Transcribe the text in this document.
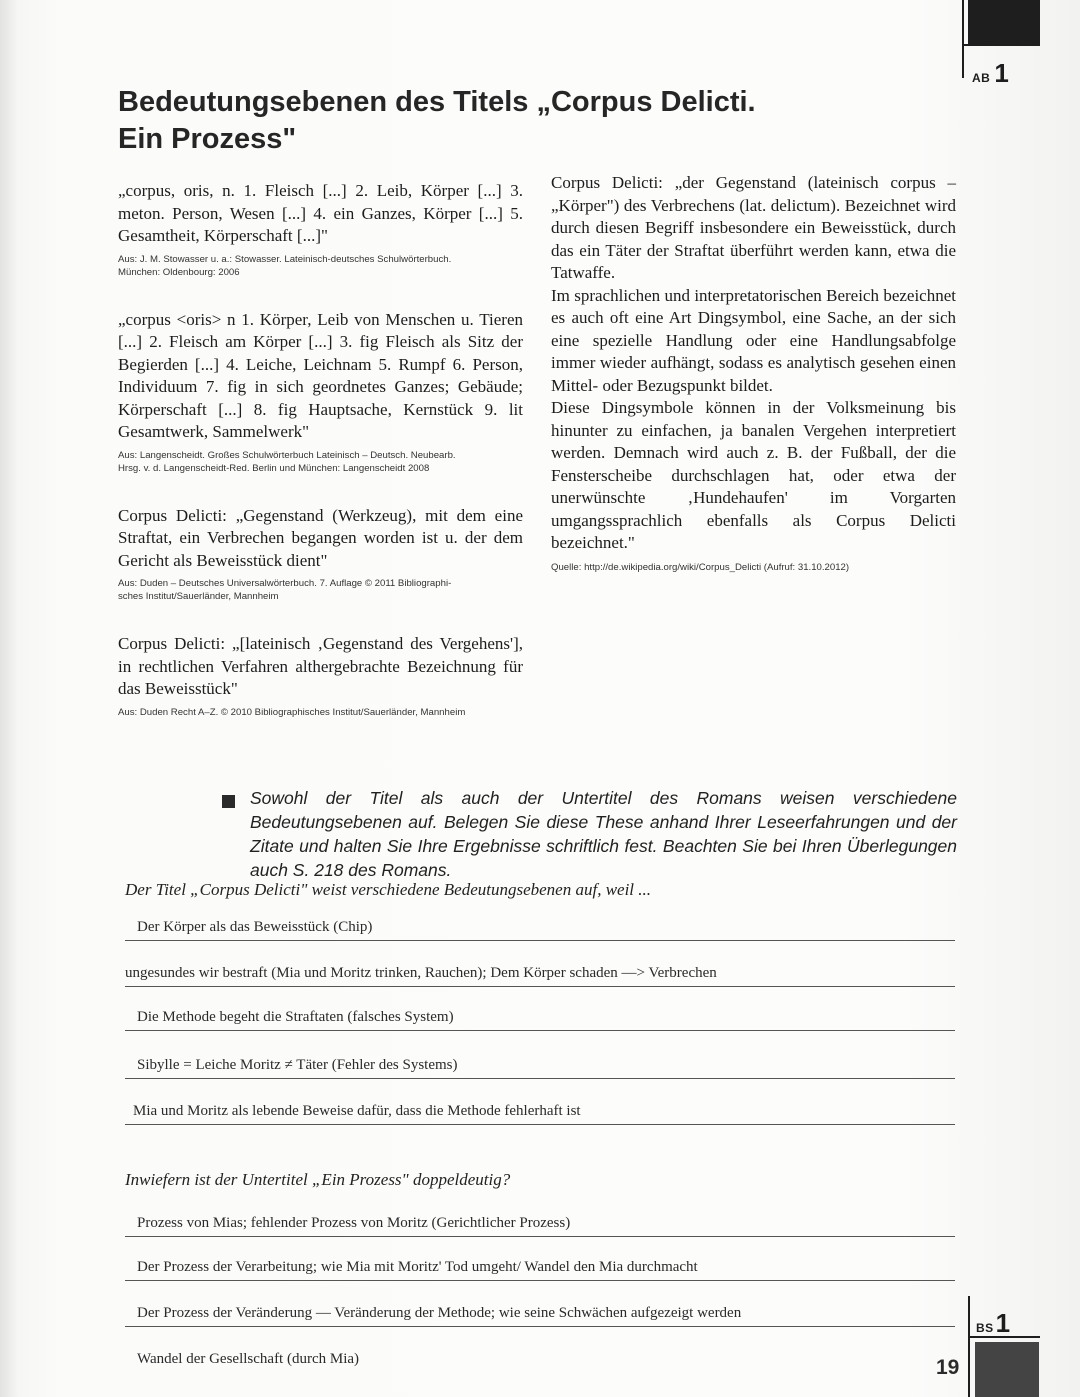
AB 1
BS1
19
Bedeutungsebenen des Titels „Corpus Delicti.
Ein Prozess"

„corpus, oris, n. 1. Fleisch [...] 2. Leib, Körper [...] 3. meton. Person, Wesen [...] 4. ein Ganzes, Körper [...] 5. Gesamtheit, Körperschaft [...]"

Aus: J. M. Stowasser u. a.: Stowasser. Lateinisch-deutsches Schulwörterbuch.
München: Oldenbourg: 2006

„corpus <oris> n 1. Körper, Leib von Menschen u. Tieren [...] 2. Fleisch am Körper [...] 3. fig Fleisch als Sitz der Begierden [...] 4. Leiche, Leichnam 5. Rumpf 6. Person, Individuum 7. fig in sich geordnetes Ganzes; Gebäude; Körperschaft [...] 8. fig Hauptsache, Kernstück 9. lit Gesamtwerk, Sammelwerk"

Aus: Langenscheidt. Großes Schulwörterbuch Lateinisch – Deutsch. Neubearb.
Hrsg. v. d. Langenscheidt-Red. Berlin und München: Langenscheidt 2008

Corpus Delicti: „Gegenstand (Werkzeug), mit dem eine Straftat, ein Verbrechen begangen worden ist u. der dem Gericht als Beweisstück dient"

Aus: Duden – Deutsches Universalwörterbuch. 7. Auflage © 2011 Bibliographi-
sches Institut/Sauerländer, Mannheim

Corpus Delicti: „[lateinisch ‚Gegenstand des Vergehens'], in rechtlichen Verfahren althergebrachte Bezeichnung für das Beweisstück"

Aus: Duden Recht A–Z. © 2010 Bibliographisches Institut/Sauerländer, Mannheim

Corpus Delicti: „der Gegenstand (lateinisch corpus – „Körper") des Verbrechens (lat. delictum). Bezeichnet wird durch diesen Begriff insbesondere ein Beweisstück, durch das ein Täter der Straftat überführt werden kann, etwa die Tatwaffe.

Im sprachlichen und interpretatorischen Bereich bezeichnet es auch oft eine Art Dingsymbol, eine Sache, an der sich eine spezielle Handlung oder eine Handlungsabfolge immer wieder aufhängt, sodass es analytisch gesehen einen Mittel- oder Bezugspunkt bildet.

Diese Dingsymbole können in der Volksmeinung bis hinunter zu einfachen, ja banalen Vergehen interpretiert werden. Demnach wird auch z. B. der Fußball, der die Fensterscheibe durchschlagen hat, oder etwa der unerwünschte ‚Hundehaufen' im Vorgarten umgangssprachlich ebenfalls als Corpus Delicti bezeichnet."

Quelle: http://de.wikipedia.org/wiki/Corpus_Delicti (Aufruf: 31.10.2012)

Sowohl der Titel als auch der Untertitel des Romans weisen verschiedene Bedeutungsebenen auf. Belegen Sie diese These anhand Ihrer Leseerfahrungen und der Zitate und halten Sie Ihre Ergebnisse schriftlich fest. Beachten Sie bei Ihren Überlegungen auch S. 218 des Romans.

Der Titel „Corpus Delicti" weist verschiedene Bedeutungsebenen auf, weil ...
Der Körper als das Beweisstück (Chip)
ungesundes wir bestraft (Mia und Moritz trinken, Rauchen); Dem Körper schaden —> Verbrechen
Die Methode begeht die Straftaten (falsches System)
Sibylle = Leiche Moritz ≠ Täter (Fehler des Systems)
Mia und Moritz als lebende Beweise dafür, dass die Methode fehlerhaft ist
Inwiefern ist der Untertitel „Ein Prozess" doppeldeutig?
Prozess von Mias; fehlender Prozess von Moritz (Gerichtlicher Prozess)
Der Prozess der Verarbeitung; wie Mia mit Moritz' Tod umgeht/ Wandel den Mia durchmacht
Der Prozess der Veränderung — Veränderung der Methode; wie seine Schwächen aufgezeigt werden
Wandel der Gesellschaft (durch Mia)
